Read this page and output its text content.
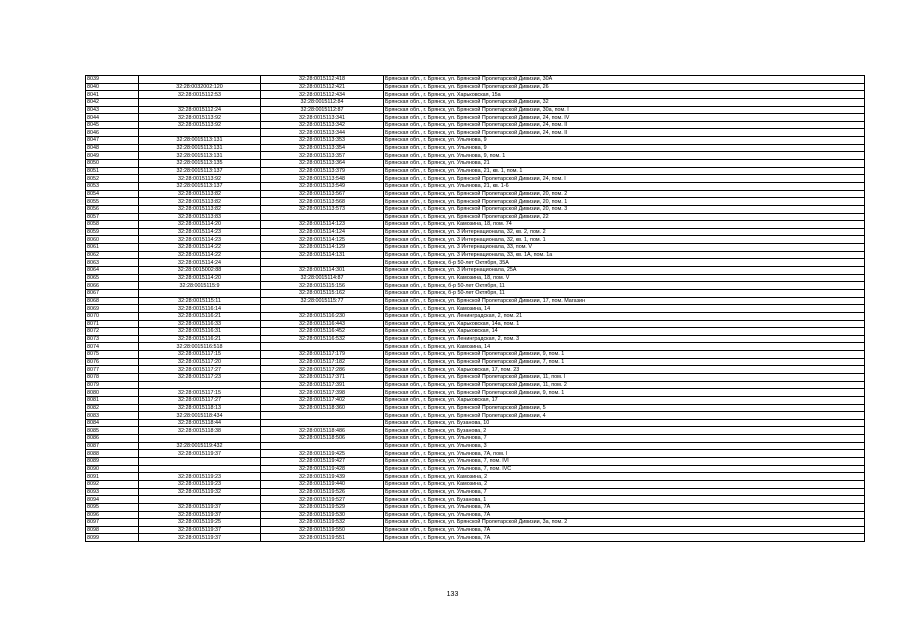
8039		32:28:0015112:418	Брянская обл., г. Брянск, ул. Брянской Пролетарской Дивизии, 30А
8040	32:28:0032002:120	32:28:0015112:421	Брянская обл., г. Брянск, ул. Брянской Пролетарской Дивизии, 26
8041	32:28:0015112:53	32:28:0015112:434	Брянская обл., г. Брянск, ул. Харьковская, 15а
8042		32:28:0015112:84	Брянская обл., г. Брянск, ул. Брянской Пролетарской Дивизии, 32
8043	32:28:0015112:24	32:28:0015112:87	Брянская обл., г. Брянск, ул. Брянской Пролетарской Дивизии, 30а, пом. I
8044	32:28:0015113:92	32:28:0015113:341	Брянская обл., г. Брянск, ул. Брянской Пролетарской Дивизии, 24, пом. IV
8045	32:28:0015113:92	32:28:0015113:342	Брянская обл., г. Брянск, ул. Брянской Пролетарской Дивизии, 24, пом. II
8046		32:28:0015113:344	Брянская обл., г. Брянск, ул. Брянской Пролетарской Дивизии, 24, пом. II
8047	32:28:0015113:131	32:28:0015113:353	Брянская обл., г. Брянск, ул. Ульянова, 9
8048	32:28:0015113:131	32:28:0015113:354	Брянская обл., г. Брянск, ул. Ульянова, 9
8049	32:28:0015113:131	32:28:0015113:357	Брянская обл., г. Брянск, ул. Ульянова, 9, пом. 1
8050	32:28:0015113:135	32:28:0015113:364	Брянская обл., г. Брянск, ул. Ульянова, 21
8051	32:28:0015113:137	32:28:0015113:379	Брянская обл., г. Брянск, ул. Ульянова, 21, кв. 1, пом. 1
8052	32:28:0015113:92	32:28:0015113:548	Брянская обл., г. Брянск, ул. Брянской Пролетарской Дивизии, 24, пом. I
8053	32:28:0015113:137	32:28:0015113:549	Брянская обл., г. Брянск, ул. Ульянова, 21, кв. 1-6
8054	32:28:0015113:82	32:28:0015113:567	Брянская обл., г. Брянск, ул. Брянской Пролетарской Дивизии, 20, пом. 2
8055	32:28:0015113:82	32:28:0015113:568	Брянская обл., г. Брянск, ул. Брянской Пролетарской Дивизии, 20, пом. 1
8056	32:28:0015113:82	32:28:0015113:573	Брянская обл., г. Брянск, ул. Брянской Пролетарской Дивизии, 20, пом. 3
8057	32:28:0015113:83		Брянская обл., г. Брянск, ул. Брянской Пролетарской Дивизии, 22
8058	32:28:0015114:20	32:28:0015114:123	Брянская обл., г. Брянск, ул. Камозина, 18, пом. 74
8059	32:28:0015114:23	32:28:0015114:124	Брянская обл., г. Брянск, ул. 3 Интернационала, 32, кв. 2, пом. 2
8060	32:28:0015114:23	32:28:0015114:125	Брянская обл., г. Брянск, ул. 3 Интернационала, 32, кв. 1, пом. 1
8061	32:28:0015114:22	32:28:0015114:129	Брянская обл., г. Брянск, ул. 3 Интернационала, 33, пом. V
8062	32:28:0015114:22	32:28:0015114:131	Брянская обл., г. Брянск, ул. 3 Интернационала, 33, кв. 1А, пом. 1а
8063	32:28:0015114:24		Брянская обл., г. Брянск, б-р 50-лет Октября, 35А
8064	32:28:0015002:88	32:28:0015114:301	Брянская обл., г. Брянск, ул. 3 Интернационала, 25А
8065	32:28:0015114:20	32:28:0015114:87	Брянская обл., г. Брянск, ул. Камозина, 18, пом. V
8066	32:28:0015115:9	32:28:0015115:156	Брянская обл., г. Брянск, б-р 50-лет Октября, 11
8067		32:28:0015115:162	Брянская обл., г. Брянск, б-р 50-лет Октября, 11
8068	32:28:0015115:11	32:28:0015115:77	Брянская обл., г. Брянск, ул. Брянской Пролетарской Дивизии, 17, пом. Магазин
8069	32:28:0015116:14		Брянская обл., г. Брянск, ул. Камозина, 14
8070	32:28:0015116:21	32:28:0015116:230	Брянская обл., г. Брянск, ул. Ленинградская, 2, пом. 21
8071	32:28:0015116:33	32:28:0015116:443	Брянская обл., г. Брянск, ул. Харьковская, 14а, пом. 1
8072	32:28:0015116:31	32:28:0015116:452	Брянская обл., г. Брянск, ул. Харьковская, 14
8073	32:28:0015116:21	32:28:0015116:532	Брянская обл., г. Брянск, ул. Ленинградская, 2, пом. 3
8074	32:28:0015116:518		Брянская обл., г. Брянск, ул. Камозина, 14
8075	32:28:0015117:15	32:28:0015117:179	Брянская обл., г. Брянск, ул. Брянской Пролетарской Дивизии, 9, пом. 1
8076	32:28:0015117:20	32:28:0015117:182	Брянская обл., г. Брянск, ул. Брянской Пролетарской Дивизии, 7, пом. 1
8077	32:28:0015117:27	32:28:0015117:286	Брянская обл., г. Брянск, ул. Харьковская, 17, пом. 23
8078	32:28:0015117:23	32:28:0015117:371	Брянская обл., г. Брянск, ул. Брянской Пролетарской Дивизии, 11, пом. I
8079		32:28:0015117:391	Брянская обл., г. Брянск, ул. Брянской Пролетарской Дивизии, 11, пом. 2
8080	32:28:0015117:15	32:28:0015117:398	Брянская обл., г. Брянск, ул. Брянской Пролетарской Дивизии, 9, пом. 1
8081	32:28:0015117:27	32:28:0015117:402	Брянская обл., г. Брянск, ул. Харьковская, 17
8082	32:28:0015118:13	32:28:0015118:360	Брянская обл., г. Брянск, ул. Брянской Пролетарской Дивизии, 5
8083	32:28:0015118:434		Брянская обл., г. Брянск, ул. Брянской Пролетарской Дивизии, 4
8084	32:28:0015118:44		Брянская обл., г. Брянск, ул. Бузанова, 10
8085	32:28:0015118:38	32:28:0015118:486	Брянская обл., г. Брянск, ул. Бузанова, 2
8086		32:28:0015118:506	Брянская обл., г. Брянск, ул. Ульянова, 7
8087	32:28:0015119:432		Брянская обл., г. Брянск, ул. Ульянова, 3
8088	32:28:0015119:37	32:28:0015119:425	Брянская обл., г. Брянск, ул. Ульянова, 7А, пом. I
8089		32:28:0015119:427	Брянская обл., г. Брянск, ул. Ульянова, 7, пом. IVI
8090		32:28:0015119:428	Брянская обл., г. Брянск, ул. Ульянова, 7, пом. IVC
8091	32:28:0015119:23	32:28:0015119:439	Брянская обл., г. Брянск, ул. Камозина, 2
8092	32:28:0015119:23	32:28:0015119:440	Брянская обл., г. Брянск, ул. Камозина, 2
8093	32:28:0015119:32	32:28:0015119:526	Брянская обл., г. Брянск, ул. Ульянова, 7
8094		32:28:0015119:527	Брянская обл., г. Брянск, ул. Бузанова, 1
8095	32:28:0015119:37	32:28:0015119:529	Брянская обл., г. Брянск, ул. Ульянова, 7А
8096	32:28:0015119:37	32:28:0015119:530	Брянская обл., г. Брянск, ул. Ульянова, 7А
8097	32:28:0015119:25	32:28:0015119:532	Брянская обл., г. Брянск, ул. Брянской Пролетарской Дивизии, 3а, пом. 2
8098	32:28:0015119:37	32:28:0015119:550	Брянская обл., г. Брянск, ул. Ульянова, 7А
8099	32:28:0015119:37	32:28:0015119:551	Брянская обл., г. Брянск, ул. Ульянова, 7А
133
